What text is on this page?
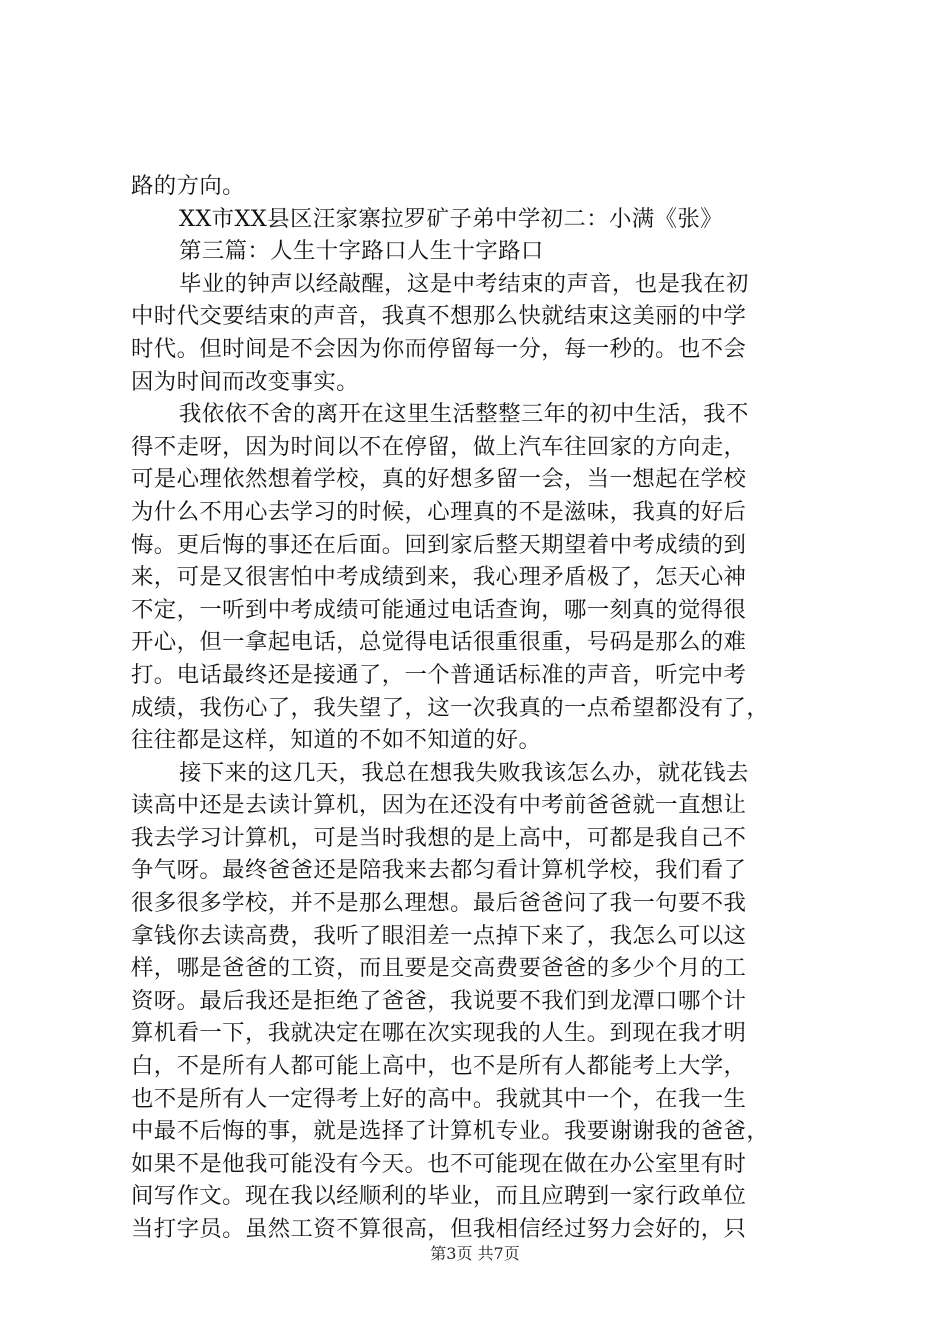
路的方向。
XX市XX县区汪家寨拉罗矿子弟中学初二：小满《张》
第三篇：人生十字路口人生十字路口
毕业的钟声以经敲醒，这是中考结束的声音，也是我在初
中时代交要结束的声音，我真不想那么快就结束这美丽的中学
时代。但时间是不会因为你而停留每一分，每一秒的。也不会
因为时间而改变事实。
我依依不舍的离开在这里生活整整三年的初中生活，我不
得不走呀，因为时间以不在停留，做上汽车往回家的方向走，
可是心理依然想着学校，真的好想多留一会，当一想起在学校
为什么不用心去学习的时候，心理真的不是滋味，我真的好后
悔。更后悔的事还在后面。回到家后整天期望着中考成绩的到
来，可是又很害怕中考成绩到来，我心理矛盾极了，怎天心神
不定，一听到中考成绩可能通过电话查询，哪一刻真的觉得很
开心，但一拿起电话，总觉得电话很重很重，号码是那么的难
打。电话最终还是接通了，一个普通话标准的声音，听完中考
成绩，我伤心了，我失望了，这一次我真的一点希望都没有了，
往往都是这样，知道的不如不知道的好。
接下来的这几天，我总在想我失败我该怎么办，就花钱去
读高中还是去读计算机，因为在还没有中考前爸爸就一直想让
我去学习计算机，可是当时我想的是上高中，可都是我自己不
争气呀。最终爸爸还是陪我来去都匀看计算机学校，我们看了
很多很多学校，并不是那么理想。最后爸爸问了我一句要不我
拿钱你去读高费，我听了眼泪差一点掉下来了，我怎么可以这
样，哪是爸爸的工资，而且要是交高费要爸爸的多少个月的工
资呀。最后我还是拒绝了爸爸，我说要不我们到龙潭口哪个计
算机看一下，我就决定在哪在次实现我的人生。到现在我才明
白，不是所有人都可能上高中，也不是所有人都能考上大学，
也不是所有人一定得考上好的高中。我就其中一个，在我一生
中最不后悔的事，就是选择了计算机专业。我要谢谢我的爸爸，
如果不是他我可能没有今天。也不可能现在做在办公室里有时
间写作文。现在我以经顺利的毕业，而且应聘到一家行政单位
当打字员。虽然工资不算很高，但我相信经过努力会好的，只
第3页 共7页
